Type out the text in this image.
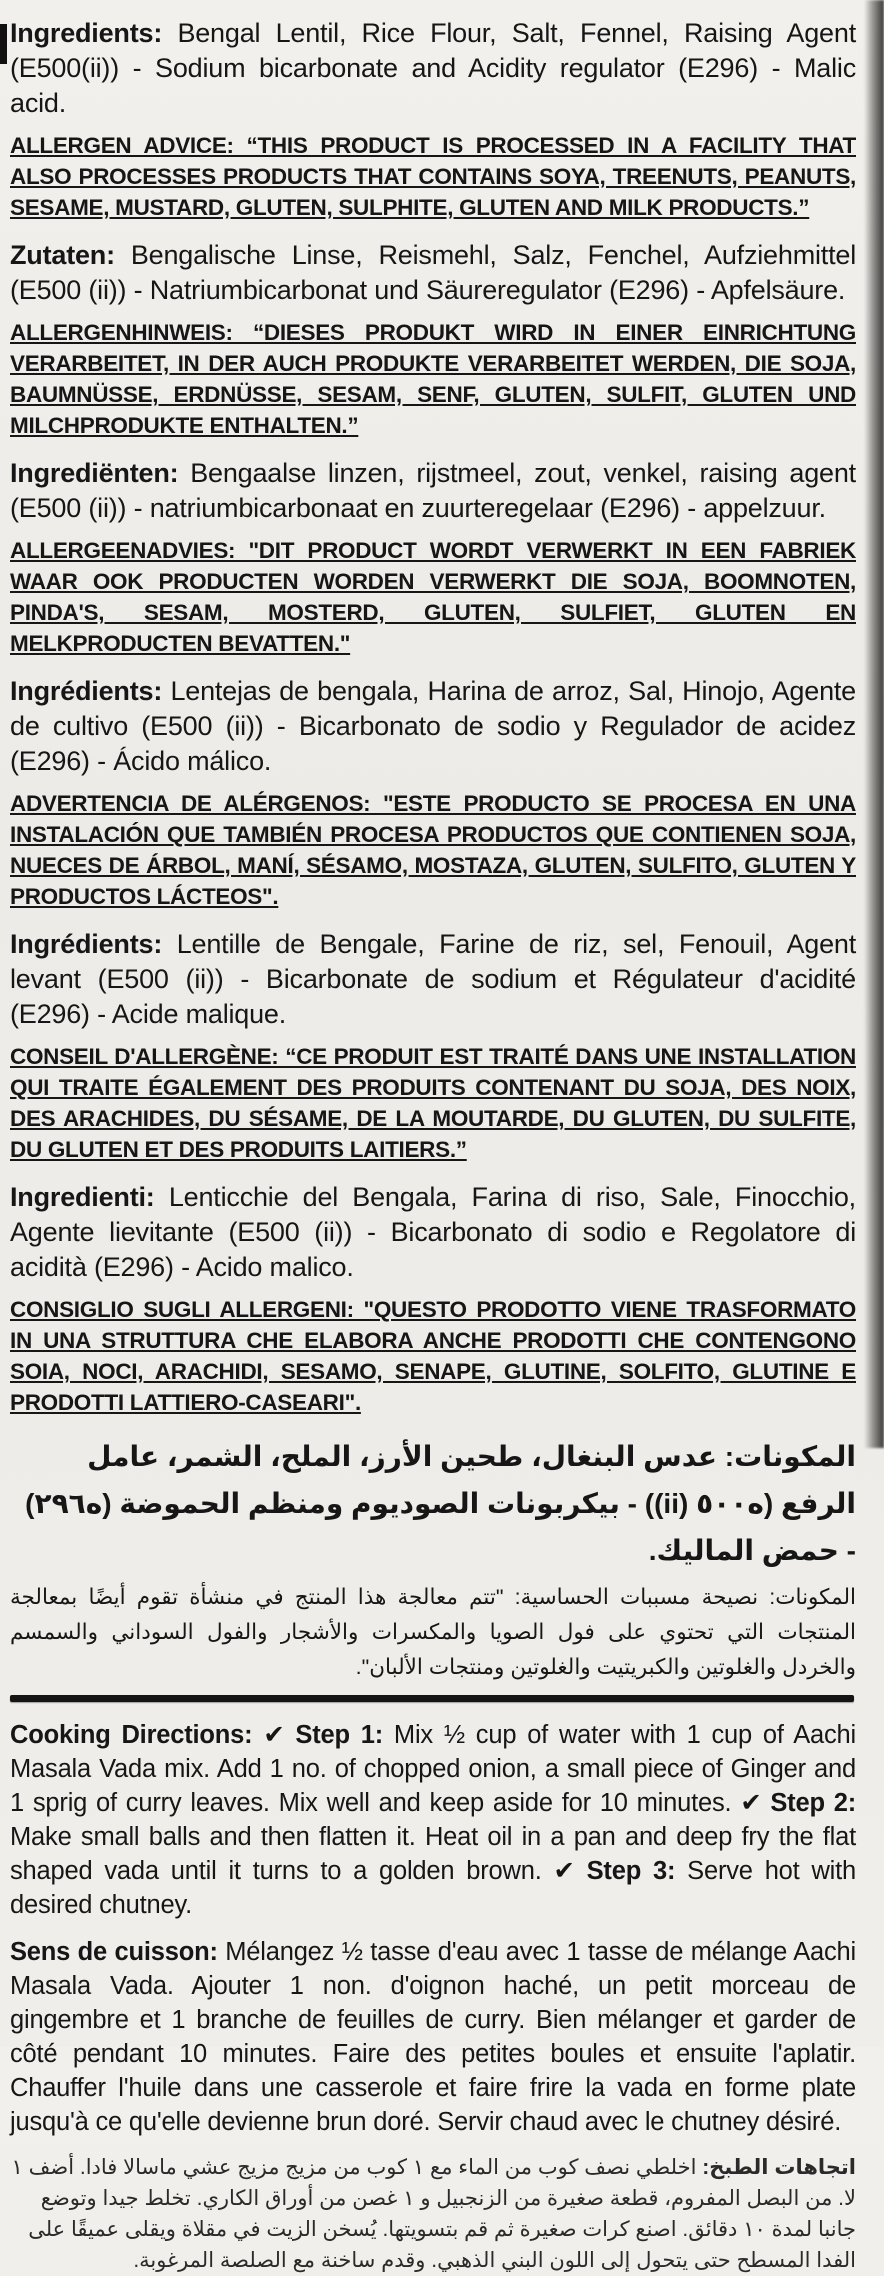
Ingredients: Bengal Lentil, Rice Flour, Salt, Fennel, Raising Agent (E500(ii)) - Sodium bicarbonate and Acidity regulator (E296) - Malic acid.

ALLERGEN ADVICE: “THIS PRODUCT IS PROCESSED IN A FACILITY THAT ALSO PROCESSES PRODUCTS THAT CONTAINS SOYA, TREENUTS, PEANUTS, SESAME, MUSTARD, GLUTEN, SULPHITE, GLUTEN AND MILK PRODUCTS.”

Zutaten: Bengalische Linse, Reismehl, Salz, Fenchel, Aufziehmittel (E500 (ii)) - Natriumbicarbonat und Säureregulator (E296) - Apfelsäure.

ALLERGENHINWEIS: “DIESES PRODUKT WIRD IN EINER EINRICHTUNG VERARBEITET, IN DER AUCH PRODUKTE VERARBEITET WERDEN, DIE SOJA, BAUMNÜSSE, ERDNÜSSE, SESAM, SENF, GLUTEN, SULFIT, GLUTEN UND MILCHPRODUKTE ENTHALTEN.”

Ingrediënten: Bengaalse linzen, rijstmeel, zout, venkel, raising agent (E500 (ii)) - natriumbicarbonaat en zuurteregelaar (E296) - appelzuur.

ALLERGEENADVIES: "DIT PRODUCT WORDT VERWERKT IN EEN FABRIEK WAAR OOK PRODUCTEN WORDEN VERWERKT DIE SOJA, BOOMNOTEN, PINDA'S, SESAM, MOSTERD, GLUTEN, SULFIET, GLUTEN EN MELKPRODUCTEN BEVATTEN."

Ingrédients: Lentejas de bengala, Harina de arroz, Sal, Hinojo, Agente de cultivo (E500 (ii)) - Bicarbonato de sodio y Regulador de acidez (E296) - Ácido málico.

ADVERTENCIA DE ALÉRGENOS: "ESTE PRODUCTO SE PROCESA EN UNA INSTALACIÓN QUE TAMBIÉN PROCESA PRODUCTOS QUE CONTIENEN SOJA, NUECES DE ÁRBOL, MANÍ, SÉSAMO, MOSTAZA, GLUTEN, SULFITO, GLUTEN Y PRODUCTOS LÁCTEOS".

Ingrédients: Lentille de Bengale, Farine de riz, sel, Fenouil, Agent levant (E500 (ii)) - Bicarbonate de sodium et Régulateur d'acidité (E296) - Acide malique.

CONSEIL D'ALLERGÈNE: “CE PRODUIT EST TRAITÉ DANS UNE INSTALLATION QUI TRAITE ÉGALEMENT DES PRODUITS CONTENANT DU SOJA, DES NOIX, DES ARACHIDES, DU SÉSAME, DE LA MOUTARDE, DU GLUTEN, DU SULFITE, DU GLUTEN ET DES PRODUITS LAITIERS.”

Ingredienti: Lenticchie del Bengala, Farina di riso, Sale, Finocchio, Agente lievitante (E500 (ii)) - Bicarbonato di sodio e Regolatore di acidità (E296) - Acido malico.

CONSIGLIO SUGLI ALLERGENI: "QUESTO PRODOTTO VIENE TRASFORMATO IN UNA STRUTTURA CHE ELABORA ANCHE PRODOTTI CHE CONTENGONO SOIA, NOCI, ARACHIDI, SESAMO, SENAPE, GLUTINE, SOLFITO, GLUTINE E PRODOTTI LATTIERO-CASEARI".

المكونات: عدس البنغال، طحين الأرز، الملح، الشمر، عامل الرفع (ه٥٠٠ (ii)) - بيكربونات الصوديوم ومنظم الحموضة (ه٢٩٦) - حمض الماليك.

المكونات: نصيحة مسببات الحساسية: "تتم معالجة هذا المنتج في منشأة تقوم أيضًا بمعالجة المنتجات التي تحتوي على فول الصويا والمكسرات والأشجار والفول السوداني والسمسم والخردل والغلوتين والكبريتيت والغلوتين ومنتجات الألبان".

Cooking Directions: ✔ Step 1: Mix ½ cup of water with 1 cup of Aachi Masala Vada mix. Add 1 no. of chopped onion, a small piece of Ginger and 1 sprig of curry leaves. Mix well and keep aside for 10 minutes. ✔ Step 2: Make small balls and then flatten it. Heat oil in a pan and deep fry the flat shaped vada until it turns to a golden brown. ✔ Step 3: Serve hot with desired chutney.

Sens de cuisson: Mélangez ½ tasse d'eau avec 1 tasse de mélange Aachi Masala Vada. Ajouter 1 non. d'oignon haché, un petit morceau de gingembre et 1 branche de feuilles de curry. Bien mélanger et garder de côté pendant 10 minutes. Faire des petites boules et ensuite l'aplatir. Chauffer l'huile dans une casserole et faire frire la vada en forme plate jusqu'à ce qu'elle devienne brun doré. Servir chaud avec le chutney désiré.

اتجاهات الطبخ: اخلطي نصف كوب من الماء مع ١ كوب من مزيج مزيج عشي ماسالا فادا. أضف ١ لا. من البصل المفروم، قطعة صغيرة من الزنجبيل و ١ غصن من أوراق الكاري. تخلط جيدا وتوضع جانبا لمدة ١٠ دقائق. اصنع كرات صغيرة ثم قم بتسويتها. يُسخن الزيت في مقلاة ويقلى عميقًا على الفدا المسطح حتى يتحول إلى اللون البني الذهبي. وقدم ساخنة مع الصلصة المرغوبة.
